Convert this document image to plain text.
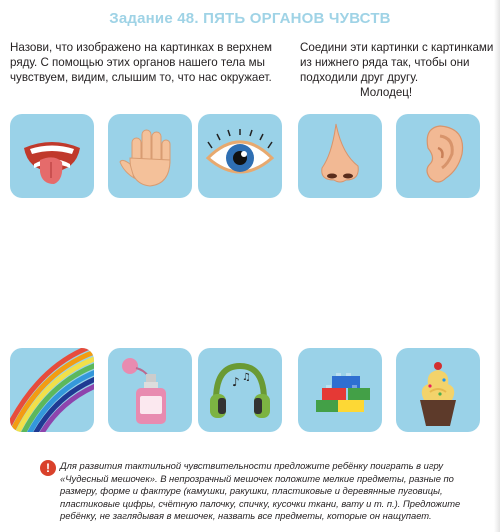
Задание 48. ПЯТЬ ОРГАНОВ ЧУВСТВ
Назови, что изображено на картинках в верхнем ряду. С помощью этих органов нашего тела мы чувствуем, видим, слышим то, что нас окружает.
Соедини эти картинки с картинками из нижнего ряда так, чтобы они подходили друг другу.
Молодец!
♪ ♫
!	Для развития тактильной чувствительности предложите ребёнку поиграть в игру «Чудесный мешочек». В непрозрачный мешочек положите мелкие предметы, разные по размеру, форме и фактуре (камушки, ракушки, пластиковые и деревянные пуговицы, пластиковые цифры, счётную палочку, спичку, кусочки ткани, вату и т. п.). Предложите ребёнку, не заглядывая в мешочек, назвать все предметы, которые он нащупает.
